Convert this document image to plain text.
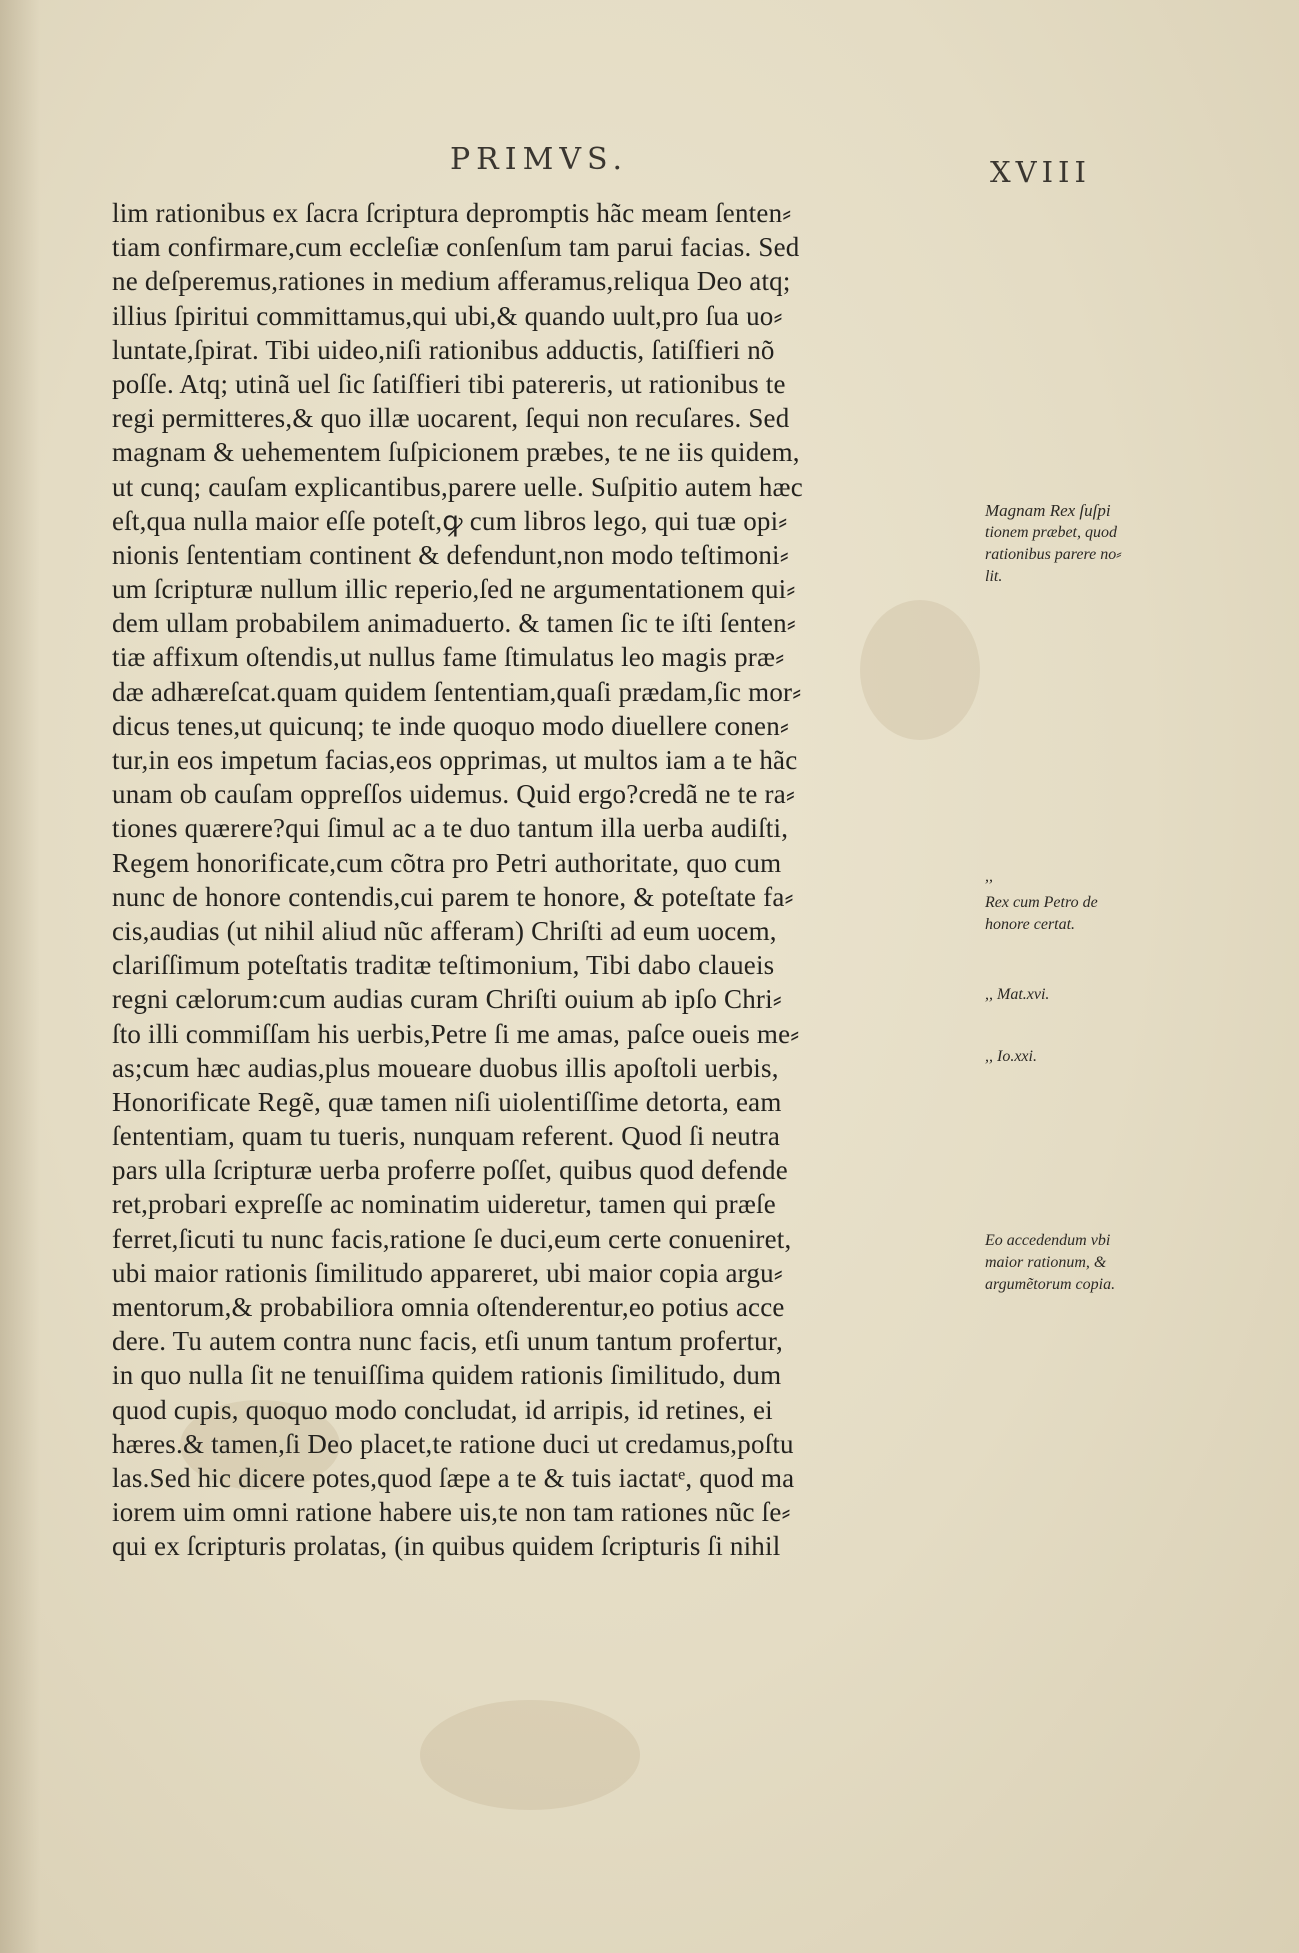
PRIMVS.	XVIII
lim rationibus ex ſacra ſcriptura depromptis hãc meam ſenten⸗
tiam confirmare,cum eccleſiæ conſenſum tam parui facias. Sed
ne deſperemus,rationes in medium afferamus,reliqua Deo atq;
illius ſpiritui committamus,qui ubi,& quando uult,pro ſua uo⸗
luntate,ſpirat. Tibi uideo,niſi rationibus adductis, ſatiſfieri nõ
poſſe. Atq; utinã uel ſic ſatiſfieri tibi patereris, ut rationibus te
regi permitteres,& quo illæ uocarent, ſequi non recuſares. Sed
magnam & uehementem ſuſpicionem præbes, te ne iis quidem,
ut cunq; cauſam explicantibus,parere uelle. Suſpitio autem hæc
eſt,qua nulla maior eſſe poteſt,ꝙ cum libros lego, qui tuæ opi⸗
nionis ſententiam continent & defendunt,non modo teſtimoni⸗
um ſcripturæ nullum illic reperio,ſed ne argumentationem qui⸗
dem ullam probabilem animaduerto. & tamen ſic te iſti ſenten⸗
tiæ affixum oſtendis,ut nullus fame ſtimulatus leo magis præ⸗
dæ adhæreſcat.quam quidem ſententiam,quaſi prædam,ſic mor⸗
dicus tenes,ut quicunq; te inde quoquo modo diuellere conen⸗
tur,in eos impetum facias,eos opprimas, ut multos iam a te hãc
unam ob cauſam oppreſſos uidemus. Quid ergo?credã ne te ra⸗
tiones quærere?qui ſimul ac a te duo tantum illa uerba audiſti,
Regem honorificate,cum cõtra pro Petri authoritate, quo cum
nunc de honore contendis,cui parem te honore, & poteſtate fa⸗
cis,audias (ut nihil aliud nũc afferam) Chriſti ad eum uocem,
clariſſimum poteſtatis traditæ teſtimonium, Tibi dabo claueis
regni cælorum:cum audias curam Chriſti ouium ab ipſo Chri⸗
ſto illi commiſſam his uerbis,Petre ſi me amas, paſce oueis me⸗
as;cum hæc audias,plus moueare duobus illis apoſtoli uerbis,
Honorificate Regẽ, quæ tamen niſi uiolentiſſime detorta, eam
ſententiam, quam tu tueris, nunquam referent. Quod ſi neutra
pars ulla ſcripturæ uerba proferre poſſet, quibus quod defende
ret,probari expreſſe ac nominatim uideretur, tamen qui præſe
ferret,ſicuti tu nunc facis,ratione ſe duci,eum certe conueniret,
ubi maior rationis ſimilitudo appareret, ubi maior copia argu⸗
mentorum,& probabiliora omnia oſtenderentur,eo potius acce
dere. Tu autem contra nunc facis, etſi unum tantum profertur,
in quo nulla ſit ne tenuiſſima quidem rationis ſimilitudo, dum
quod cupis, quoquo modo concludat, id arripis, id retines, ei
hæres.& tamen,ſi Deo placet,te ratione duci ut credamus,poſtu
las.Sed hic dicere potes,quod ſæpe a te & tuis iactatᵉ, quod ma
iorem uim omni ratione habere uis,te non tam rationes nũc ſe⸗
qui ex ſcripturis prolatas, (in quibus quidem ſcripturis ſi nihil
Magnam Rex ſuſpi
tionem præbet, quod
rationibus parere no⸗
lit.
,,
Rex cum Petro de
honore certat.
,, Mat.xvi.
,, Io.xxi.
Eo accedendum vbi
maior rationum, &
argumẽtorum copia.
